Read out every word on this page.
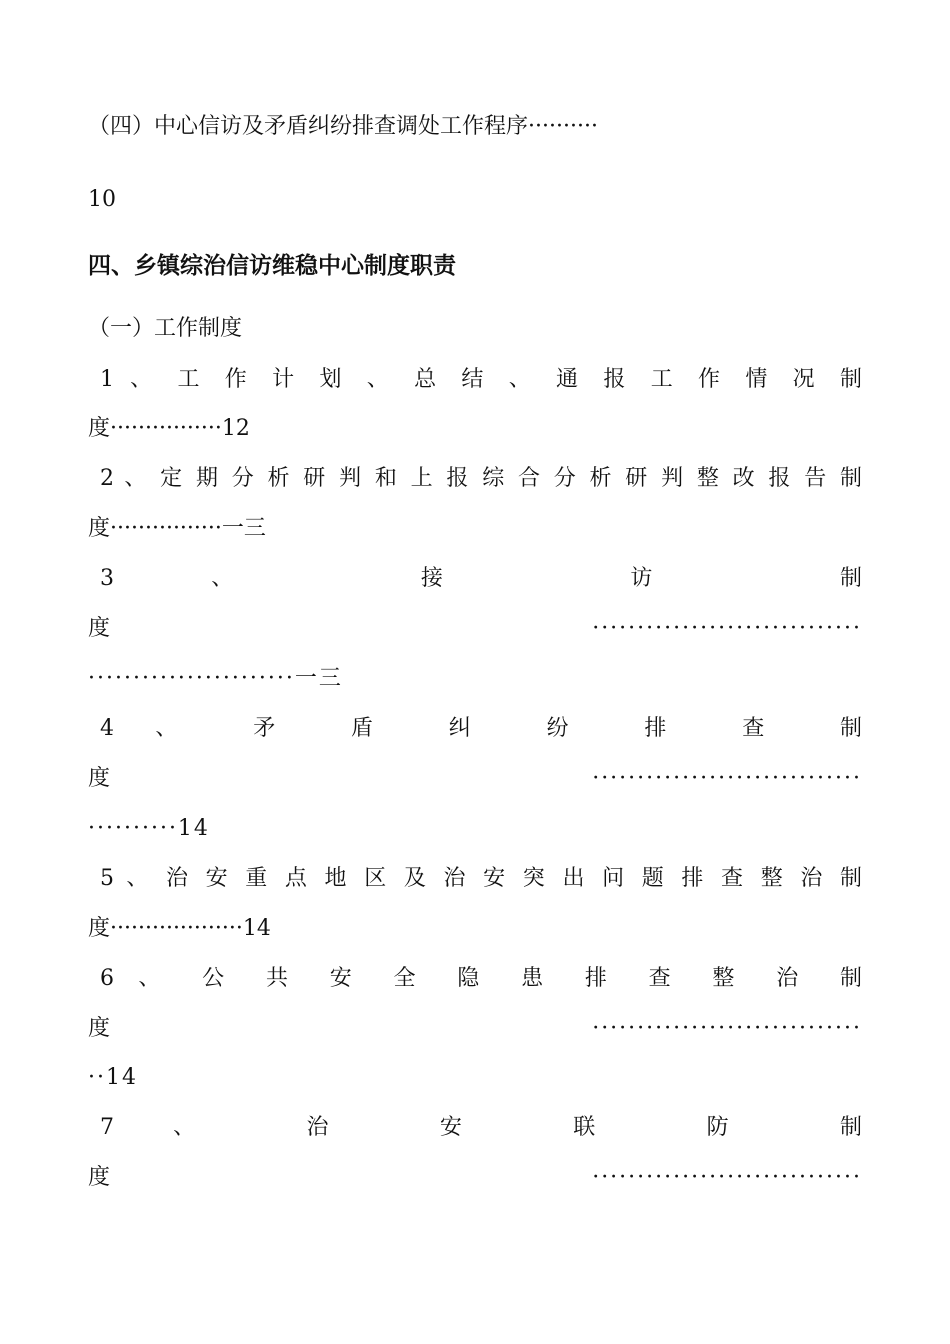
（四）中心信访及矛盾纠纷排查调处工作程序··········
10
四、乡镇综治信访维稳中心制度职责
（一）工作制度
1 、 工 作 计 划 、 总 结 、 通 报 工 作 情 况 制
度················12
2 、 定 期 分 析 研 判 和 上 报 综 合 分 析 研 判 整 改 报 告 制
度················一三
3 、 接 访 制
度 ······························
·······················一三
4 、 矛 盾 纠 纷 排 查 制
度 ······························
··········14
5 、 治 安 重 点 地 区 及 治 安 突 出 问 题 排 查 整 治 制
度···················14
6 、 公 共 安 全 隐 患 排 查 整 治 制
度 ······························
··14
7 、 治 安 联 防 制
度 ······························
